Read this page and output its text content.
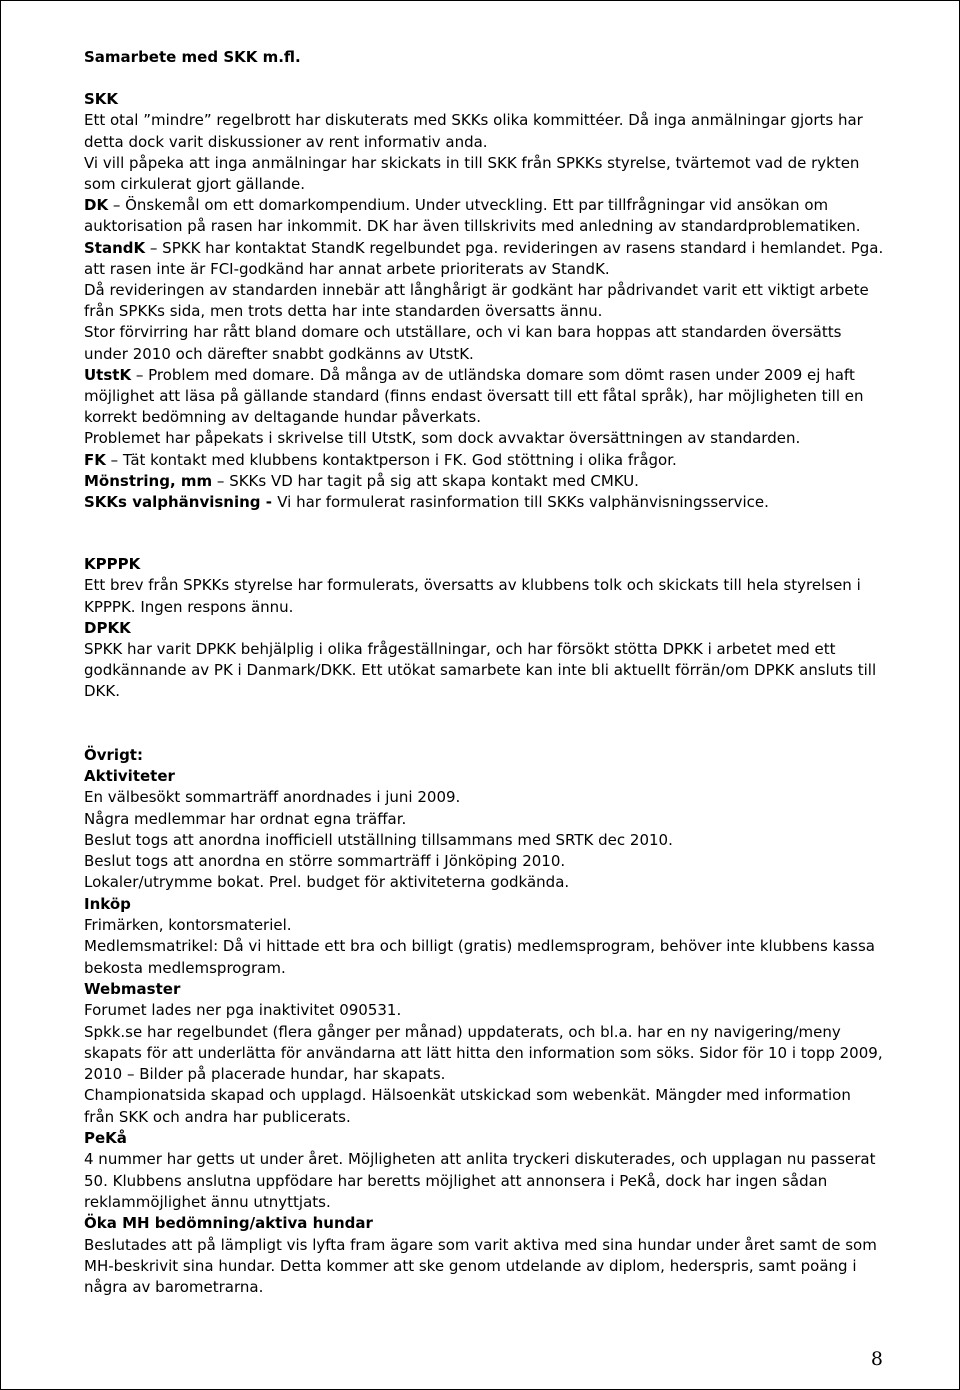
Samarbete med SKK m.fl.

SKK

Ett otal ”mindre” regelbrott har diskuterats med SKKs olika kommittéer. Då inga anmälningar gjorts har detta dock varit diskussioner av rent informativ anda.

Vi vill påpeka att inga anmälningar har skickats in till SKK från SPKKs styrelse, tvärtemot vad de rykten som cirkulerat gjort gällande.

DK – Önskemål om ett domarkompendium. Under utveckling. Ett par tillfrågningar vid ansökan om auktorisation på rasen har inkommit. DK har även tillskrivits med anledning av standardproblematiken.

StandK – SPKK har kontaktat StandK regelbundet pga. revideringen av rasens standard i hemlandet. Pga. att rasen inte är FCI-godkänd har annat arbete prioriterats av StandK.

Då revideringen av standarden innebär att långhårigt är godkänt har pådrivandet varit ett viktigt arbete från SPKKs sida, men trots detta har inte standarden översatts ännu.

Stor förvirring har rått bland domare och utställare, och vi kan bara hoppas att standarden översätts under 2010 och därefter snabbt godkänns av UtstK.

UtstK – Problem med domare. Då många av de utländska domare som dömt rasen under 2009 ej haft möjlighet att läsa på gällande standard (finns endast översatt till ett fåtal språk), har möjligheten till en korrekt bedömning av deltagande hundar påverkats.

Problemet har påpekats i skrivelse till UtstK, som dock avvaktar översättningen av standarden.

FK – Tät kontakt med klubbens kontaktperson i FK. God stöttning i olika frågor.

Mönstring, mm – SKKs VD har tagit på sig att skapa kontakt med CMKU.

SKKs valphänvisning - Vi har formulerat rasinformation till SKKs valphänvisningsservice.

KPPPK

Ett brev från SPKKs styrelse har formulerats, översatts av klubbens tolk och skickats till hela styrelsen i KPPPK. Ingen respons ännu.

DPKK

SPKK har varit DPKK behjälplig i olika frågeställningar, och har försökt stötta DPKK i arbetet med ett godkännande av PK i Danmark/DKK. Ett utökat samarbete kan inte bli aktuellt förrän/om DPKK ansluts till DKK.

Övrigt:

Aktiviteter

En välbesökt sommarträff anordnades i juni 2009.

Några medlemmar har ordnat egna träffar.

Beslut togs att anordna inofficiell utställning tillsammans med SRTK dec 2010.

Beslut togs att anordna en större sommarträff i Jönköping 2010.

Lokaler/utrymme bokat. Prel. budget för aktiviteterna godkända.

Inköp

Frimärken, kontorsmateriel.

Medlemsmatrikel: Då vi hittade ett bra och billigt (gratis) medlemsprogram, behöver inte klubbens kassa bekosta medlemsprogram.

Webmaster

Forumet lades ner pga inaktivitet 090531.

Spkk.se har regelbundet (flera gånger per månad) uppdaterats, och bl.a. har en ny navigering/meny skapats för att underlätta för användarna att lätt hitta den information som söks. Sidor för 10 i topp 2009, 2010 – Bilder på placerade hundar, har skapats.

Championatsida skapad och upplagd. Hälsoenkät utskickad som webenkät. Mängder med information från SKK och andra har publicerats.

PeKå

4 nummer har getts ut under året. Möjligheten att anlita tryckeri diskuterades, och upplagan nu passerat 50. Klubbens anslutna uppfödare har beretts möjlighet att annonsera i PeKå, dock har ingen sådan reklammöjlighet ännu utnyttjats.

Öka MH bedömning/aktiva hundar

Beslutades att på lämpligt vis lyfta fram ägare som varit aktiva med sina hundar under året samt de som MH-beskrivit sina hundar. Detta kommer att ske genom utdelande av diplom, hederspris, samt poäng i några av barometrarna.

8
